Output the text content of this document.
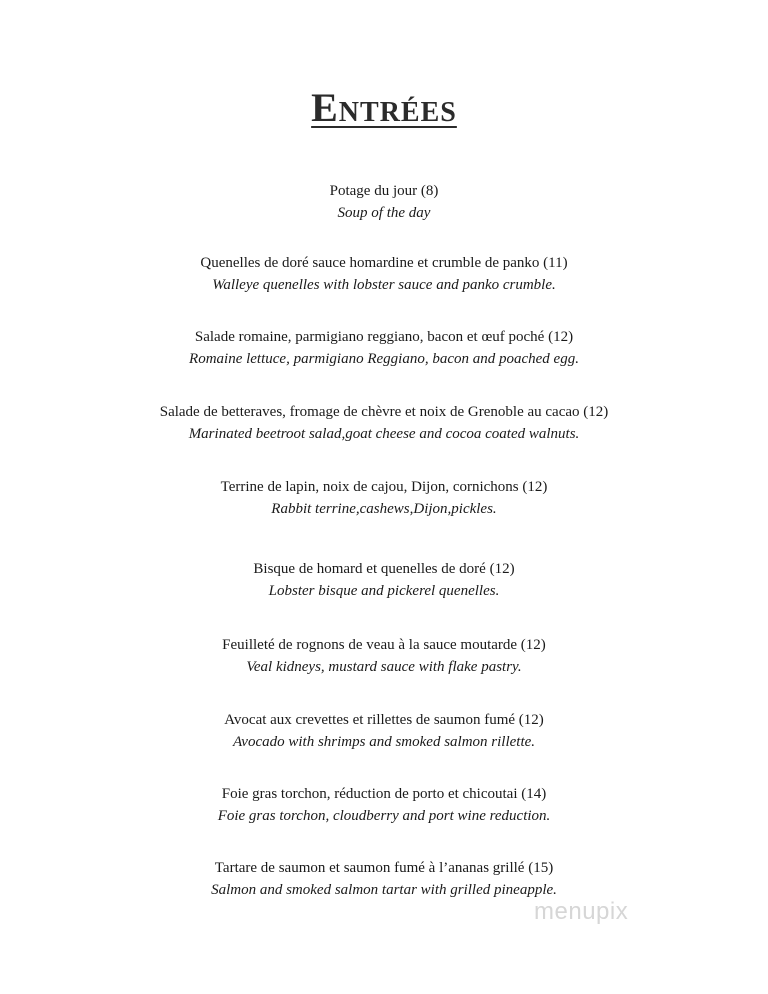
Entrées
Potage du jour (8)
Soup of the day
Quenelles de doré sauce homardine et crumble de panko (11)
Walleye quenelles with lobster sauce and panko crumble.
Salade romaine, parmigiano reggiano, bacon et œuf poché (12)
Romaine lettuce, parmigiano Reggiano, bacon and poached egg.
Salade de betteraves, fromage de chèvre et noix de Grenoble au cacao (12)
Marinated beetroot salad,goat cheese and cocoa coated walnuts.
Terrine de lapin, noix de cajou, Dijon, cornichons (12)
Rabbit terrine,cashews,Dijon,pickles.
Bisque de homard et quenelles de doré (12)
Lobster bisque and pickerel quenelles.
Feuilleté de rognons de veau à la sauce moutarde (12)
Veal kidneys, mustard sauce with flake pastry.
Avocat aux crevettes et rillettes de saumon fumé (12)
Avocado with shrimps and smoked salmon rillette.
Foie gras torchon, réduction de porto et chicoutai (14)
Foie gras torchon, cloudberry and port wine reduction.
Tartare de saumon et saumon fumé à l’ananas grillé (15)
Salmon and smoked salmon tartar with grilled pineapple.
menupix
